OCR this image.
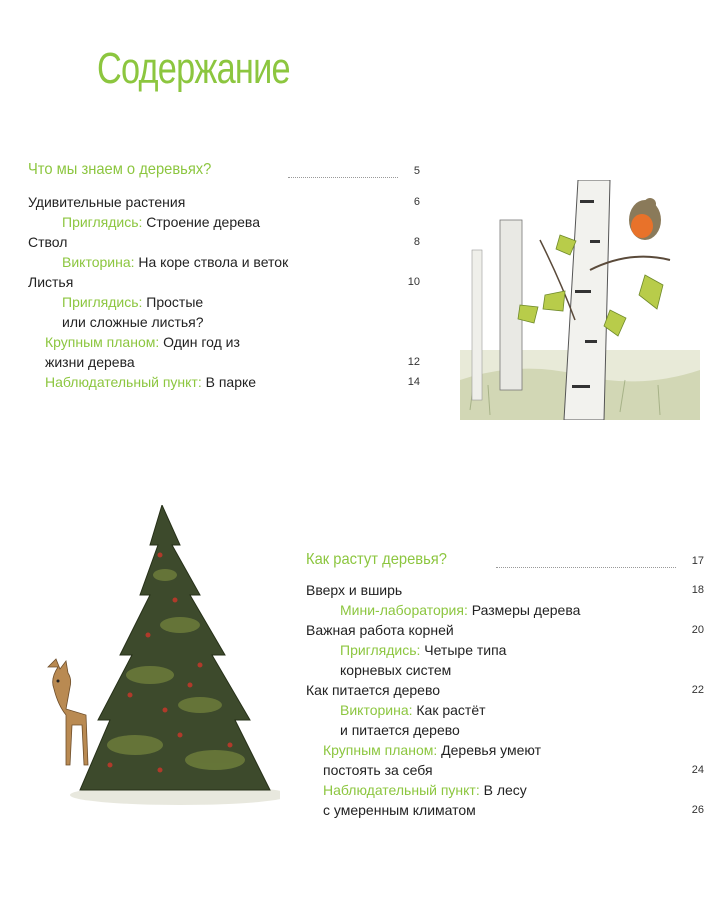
Содержание
Что мы знаем о деревьях?	5
Удивительные растения	6
Приглядись: Строение дерева
Ствол	8
Викторина: На коре ствола и веток
Листья	10
Приглядись: Простые
или сложные листья?
Крупным планом: Один год из
жизни дерева	12
Наблюдательный пункт: В парке	14
Как растут деревья?	17
Вверх и вширь	18
Мини-лаборатория: Размеры дерева
Важная работа корней	20
Приглядись: Четыре типа
корневых систем
Как питается дерево	22
Викторина: Как растёт
и питается дерево
Крупным планом: Деревья умеют
постоять за себя	24
Наблюдательный пункт: В лесу
с умеренным климатом	26
